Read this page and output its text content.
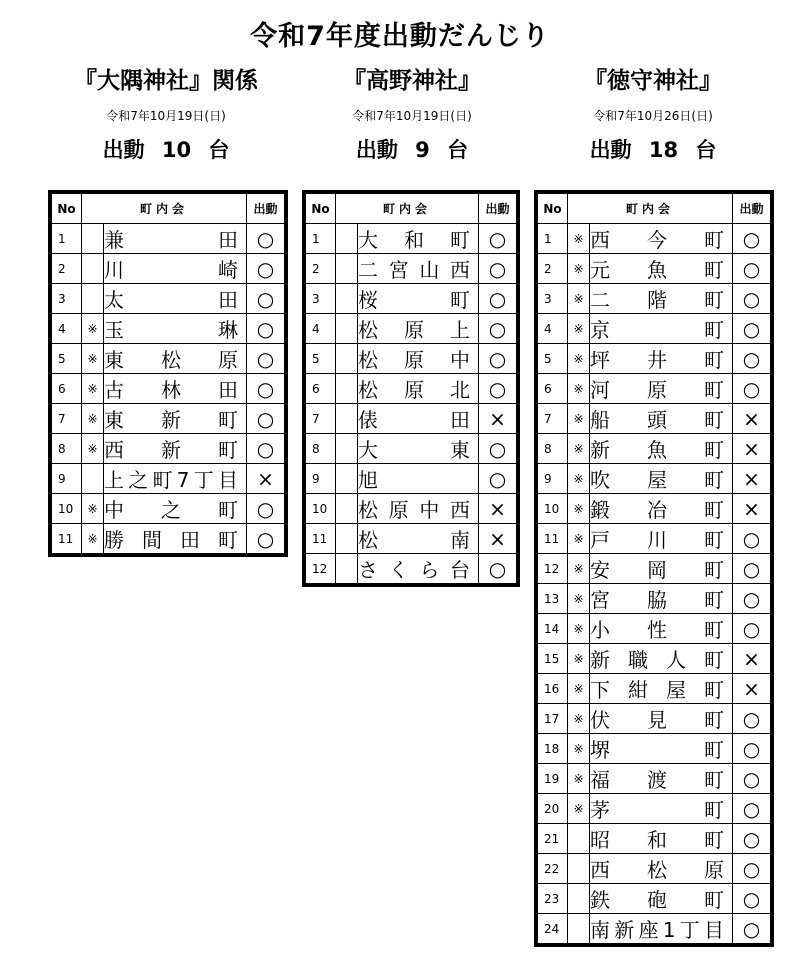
令和7年度出動だんじり
『大隅神社』関係
令和7年10月19日(日)
出動 10 台
『高野神社』
令和7年10月19日(日)
出動 9 台
『徳守神社』
令和7年10月26日(日)
出動 18 台
No	町内会		出動
1		兼田	○
2		川崎	○
3		太田	○
4	※	玉琳	○
5	※	東松原	○
6	※	古林田	○
7	※	東新町	○
8	※	西新町	○
9		上之町7丁目	×
10	※	中之町	○
11	※	勝間田町	○
No	町内会		出動
1		大和町	○
2		二宮山西	○
3		桜町	○
4		松原上	○
5		松原中	○
6		松原北	○
7		俵田	×
8		大東	○
9		旭	○
10		松原中西	×
11		松南	×
12		さくら台	○
No	町内会		出動
1	※	西今町	○
2	※	元魚町	○
3	※	二階町	○
4	※	京町	○
5	※	坪井町	○
6	※	河原町	○
7	※	船頭町	×
8	※	新魚町	×
9	※	吹屋町	×
10	※	鍛冶町	×
11	※	戸川町	○
12	※	安岡町	○
13	※	宮脇町	○
14	※	小性町	○
15	※	新職人町	×
16	※	下紺屋町	×
17	※	伏見町	○
18	※	堺町	○
19	※	福渡町	○
20	※	茅町	○
21		昭和町	○
22		西松原	○
23		鉄砲町	○
24		南新座1丁目	○
